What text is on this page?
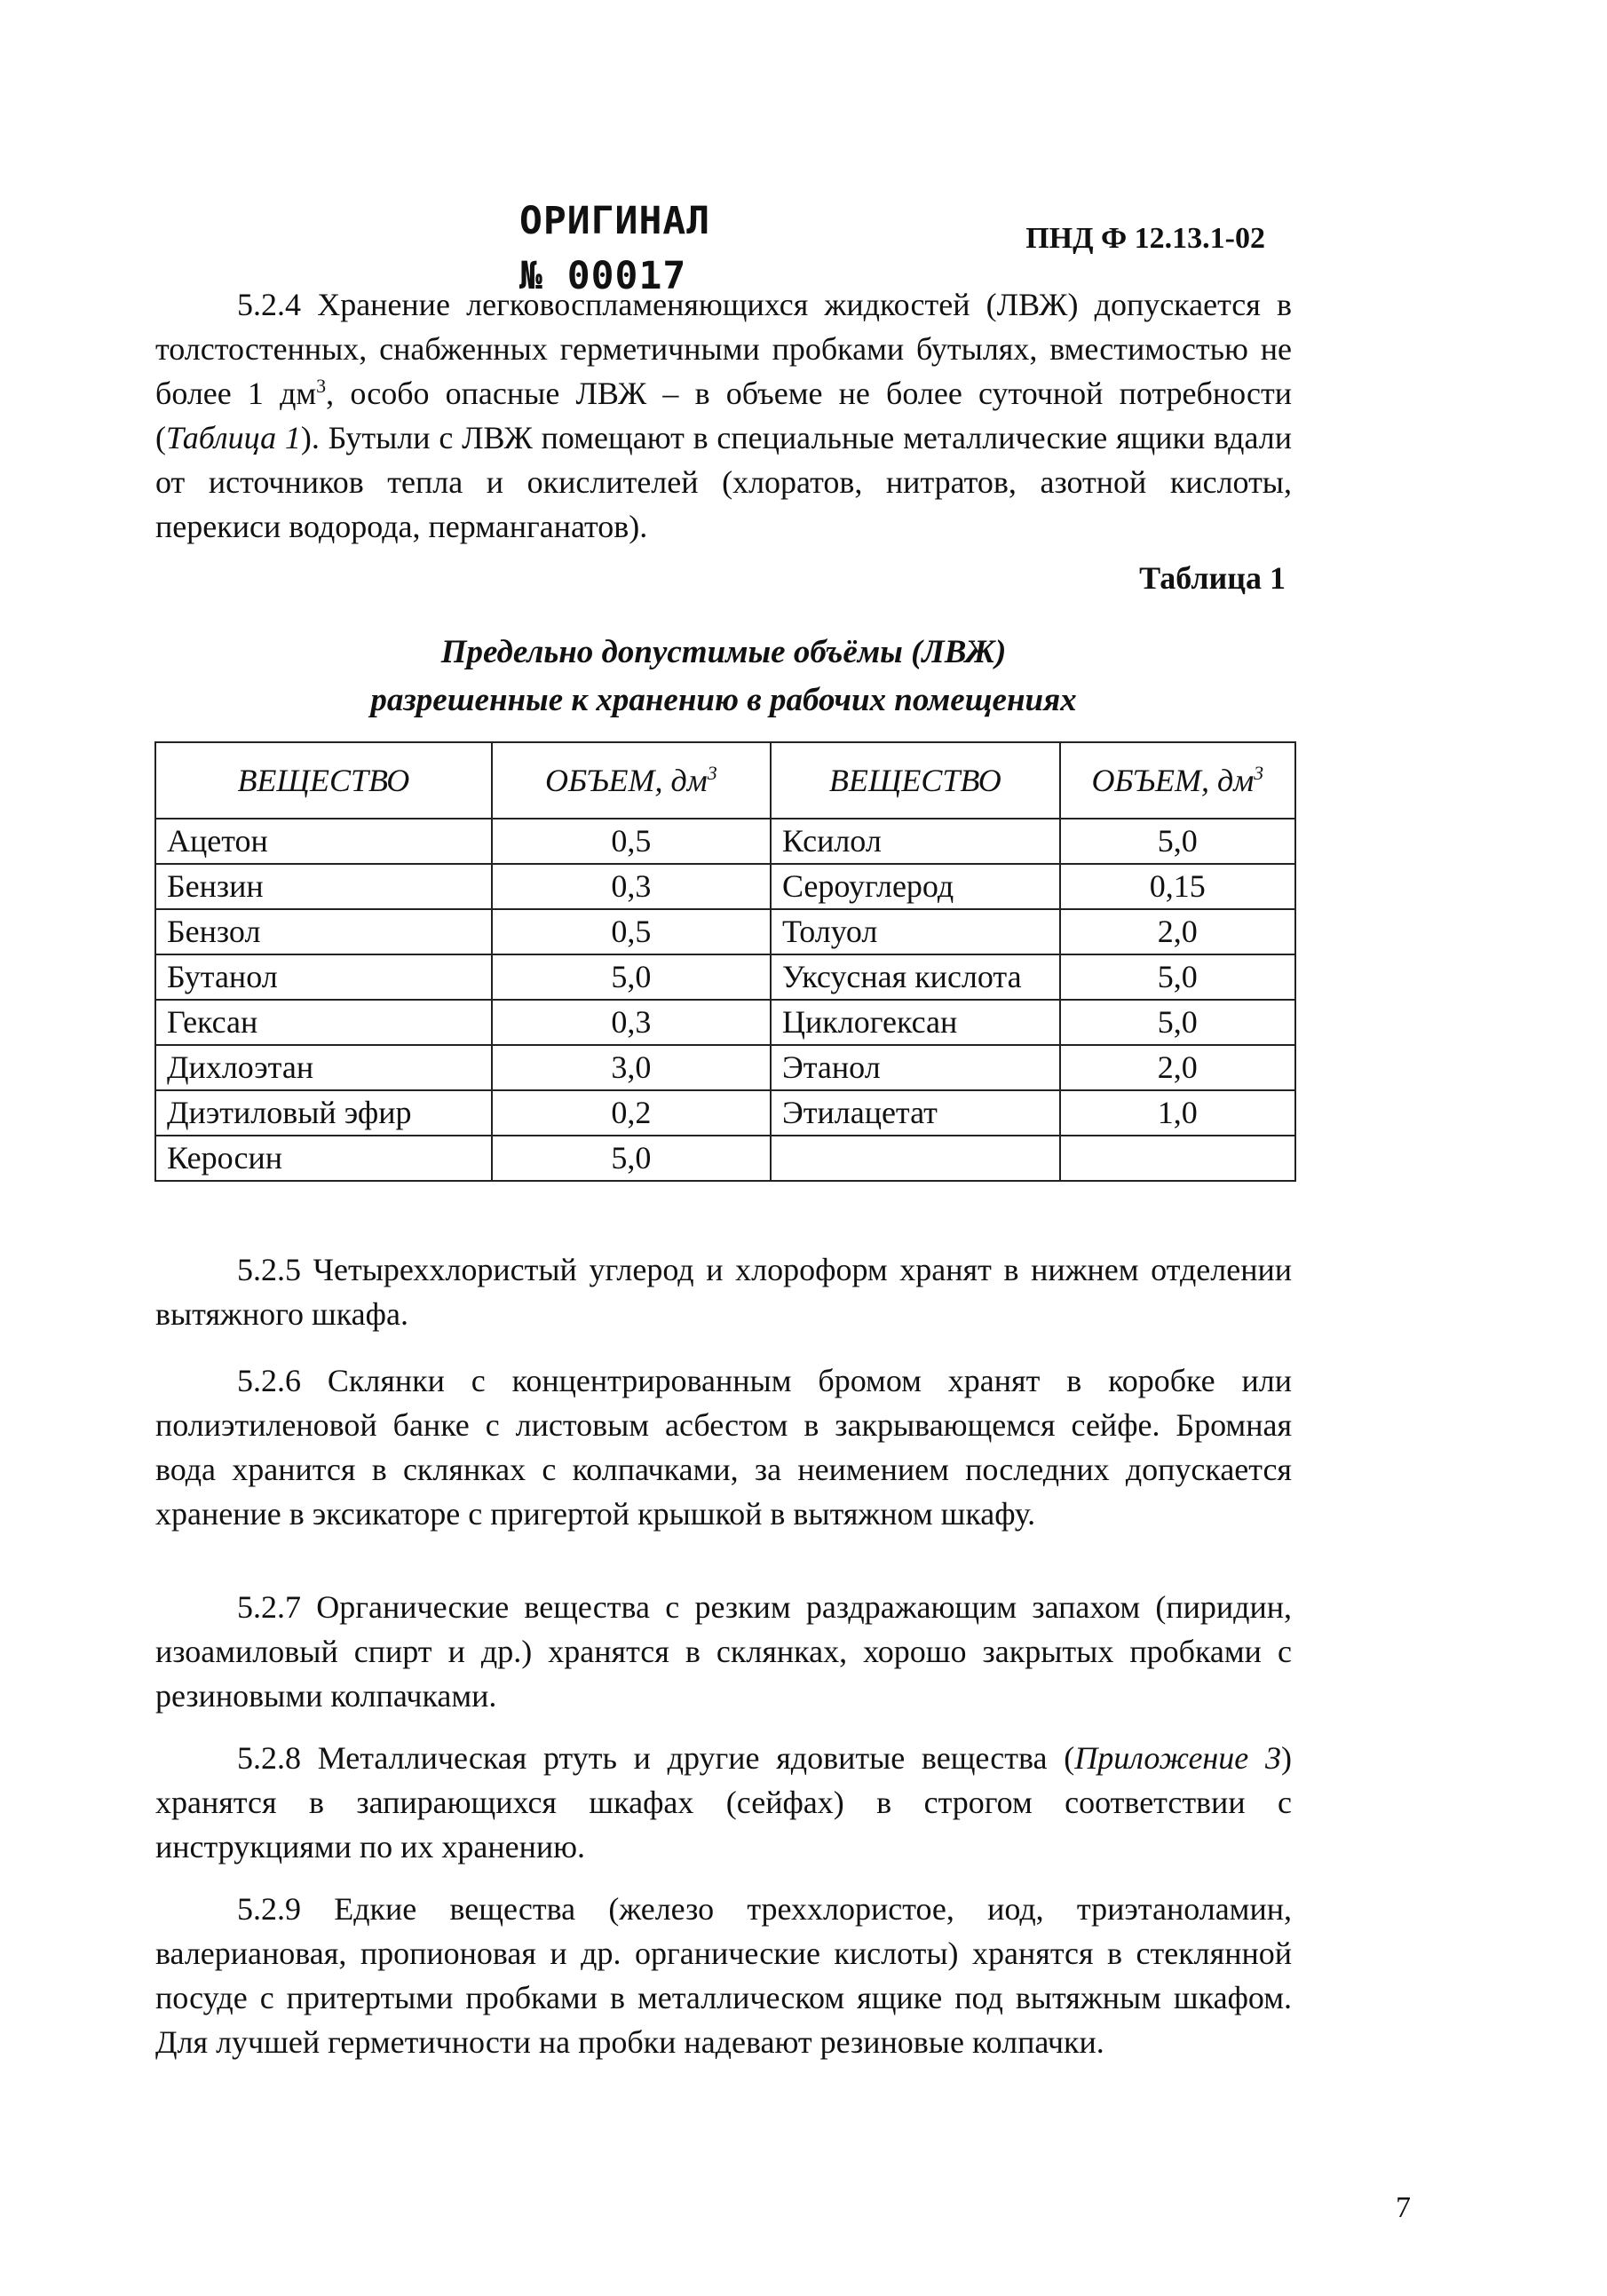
ОРИГИНАЛ
№ 00017
ПНД Ф 12.13.1-02

5.2.4 Хранение легковоспламеняющихся жидкостей (ЛВЖ) допускается в толстостенных, снабженных герметичными пробками бутылях, вместимостью не более 1 $дм^3$, особо опасные ЛВЖ – в объеме не более суточной потребности (Таблица 1). Бутыли с ЛВЖ помещают в специальные металлические ящики вдали от источников тепла и окислителей (хлоратов, нитратов, азотной кислоты, перекиси водорода, перманганатов).

Таблица 1
Предельно допустимые объёмы (ЛВЖ)
разрешенные к хранению в рабочих помещениях
ВЕЩЕСТВО	ОБЪЕМ, $дм^3$	ВЕЩЕСТВО	ОБЪЕМ, $дм^3$
Ацетон	0,5	Ксилол	5,0
Бензин	0,3	Сероуглерод	0,15
Бензол	0,5	Толуол	2,0
Бутанол	5,0	Уксусная кислота	5,0
Гексан	0,3	Циклогексан	5,0
Дихлоэтан	3,0	Этанол	2,0
Диэтиловый эфир	0,2	Этилацетат	1,0
Керосин	5,0		

5.2.5 Четыреххлористый углерод и хлороформ хранят в нижнем отделении вытяжного шкафа.

5.2.6 Склянки с концентрированным бромом хранят в коробке или полиэтиленовой банке с листовым асбестом в закрывающемся сейфе. Бромная вода хранится в склянках с колпачками, за неимением последних допускается хранение в эксикаторе с пригертой крышкой в вытяжном шкафу.

5.2.7 Органические вещества с резким раздражающим запахом (пиридин, изоамиловый спирт и др.) хранятся в склянках, хорошо закрытых пробками с резиновыми колпачками.

5.2.8 Металлическая ртуть и другие ядовитые вещества (Приложение 3) хранятся в запирающихся шкафах (сейфах) в строгом соответствии с инструкциями по их хранению.

5.2.9 Едкие вещества (железо треххлористое, иод, триэтаноламин, валериановая, пропионовая и др. органические кислоты) хранятся в стеклянной посуде с притертыми пробками в металлическом ящике под вытяжным шкафом. Для лучшей герметичности на пробки надевают резиновые колпачки.

7
